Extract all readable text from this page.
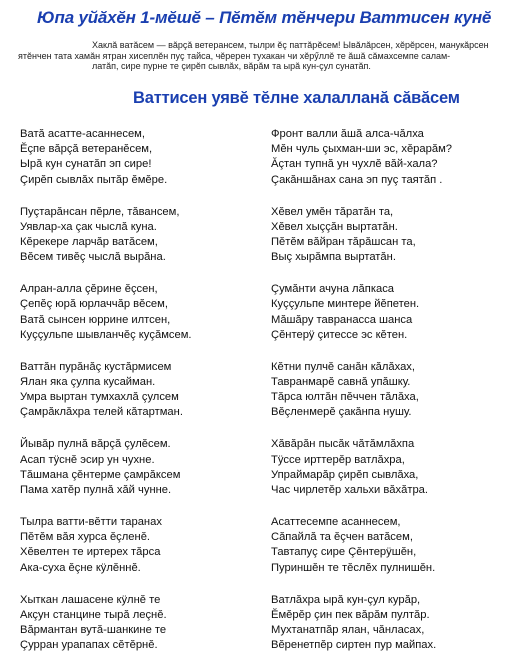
Юпа уйăхĕн 1-мĕшĕ – Пĕтĕм тĕнчери Ваттисен кунĕ
Хаклă ватăсем — вăрçă ветерансем, тылри ĕç паттăрĕсем! Ывăлăрсен, хĕрĕрсен, манукăрсен
ятĕнчен тата хамăн ятран хисеплĕн пуç тайса, чĕререн тухакан чи хĕрӳллĕ те ăшă сăмахсемпе салам-
латăп, сире пурне те çирĕп сывлăх, вăрăм та ырă кун-çул сунатăп.
Ваттисен уявĕ тĕлне халалланă сăвăсем
Ватă асатте-асаннесем,
Ĕçпе вăрçă ветеранĕсем,
Ырă кун сунатăп эп сире!
Çирĕп сывлăх пытăр ĕмĕре.
Пуçтарăнсан пĕрле, тăвансем,
Уявлар-ха çак чыслă куна.
Кĕрекере ларчăр ватăсем,
Вĕсем тивĕç чыслă вырăна.
Алран-алла çĕрине ĕçсен,
Çепĕç юрă юрлаччăр вĕсем,
Ватă сынсен юррине илтсен,
Куççульпе шывланчĕç куçăмсем.
Ваттăн пурăнăç кустăрмисем
Ялан яка çулпа кусайман.
Умра выртан тумхахлă çулсем
Çамрăклăхра телей кăтартман.
Йывăр пулнă вăрçă çулĕсем.
Асап тÿснĕ эсир ун чухне.
Тăшмана çĕнтерме çамрăксем
Пама хатĕр пулнă хăй чунне.
Тылра ватти-вĕтти таранах
Пĕтĕм вăя хурса ĕçленĕ.
Хĕвелтен те иртерех тăрса
Ака-суха ĕçне кÿлĕннĕ.
Хыткан лашасене кÿлнĕ те
Акçун станцине тыpă леçнĕ.
Вăрмантан вутă-шанкине те
Çурран урапапах сĕтĕрнĕ.
Фронт валли ăшă алса-чăлха
Мĕн чуль çыхман-ши эс, хĕрарăм?
Ăçтан тупнă ун чухлĕ вăй-хала?
Çакăншăнах сана эп пуç таятăп .
Хĕвел умĕн тăратăн та,
Хĕвел хыççăн выртатăн.
Пĕтĕм вăйран тăрăшсан та,
Выç хырăмпа выртатăн.
Çумăнти ачуна лăпкаса
Куççульпе минтере йĕпетен.
Мăшăру тавранасса шанса
Çĕнтерÿ çитессе эс кĕтен.
Кĕтни пулчĕ санăн кăлăхах,
Тавранмарĕ савнă упăшку.
Тăрса юлтăн пĕччен тăлăха,
Вĕçленмерĕ çакăнпа нушу.
Хăвăрăн пысăк чăтăмлăхпа
Тÿссе ирттерĕр ватлăхра,
Упраймарăр çирĕп сывлăха,
Час чирлетĕр хальхи вăхăтра.
Асаттесемпе асаннесем,
Сăпайлă та ĕçчен ватăсем,
Тавтапуç сире Çĕнтерÿшĕн,
Пуриншĕн те тĕслĕх пулнишĕн.
Ватлăхра ырă кун-çул курăр,
Ĕмĕрĕр çин пек вăрăм пултăр.
Мухтанатпăр ялан, чăнласах,
Вĕренетпĕр сиртен пур майпах.
